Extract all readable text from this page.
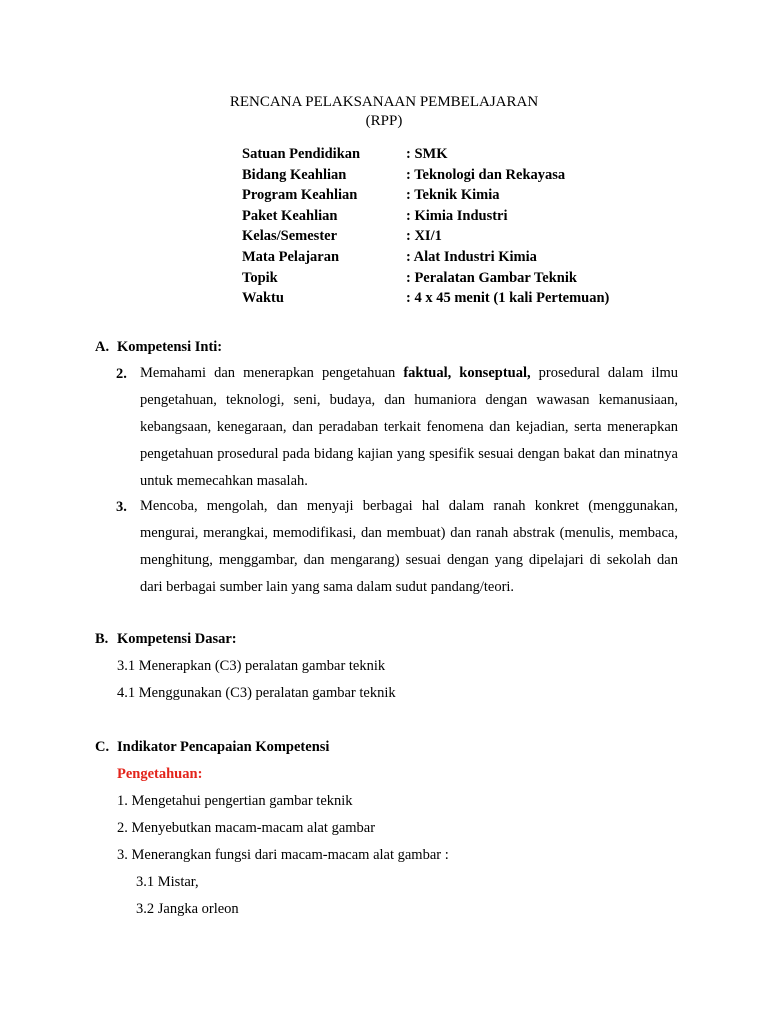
RENCANA PELAKSANAAN PEMBELAJARAN
(RPP)
Satuan Pendidikan	: SMK
Bidang Keahlian	: Teknologi dan Rekayasa
Program Keahlian	: Teknik Kimia
Paket Keahlian	: Kimia Industri
Kelas/Semester	: XI/1
Mata Pelajaran	: Alat Industri Kimia
Topik	: Peralatan Gambar Teknik
Waktu	: 4 x 45 menit (1 kali Pertemuan)
A. Kompetensi Inti:
2. Memahami dan menerapkan pengetahuan faktual, konseptual, prosedural dalam ilmu pengetahuan, teknologi, seni, budaya, dan humaniora dengan wawasan kemanusiaan, kebangsaan, kenegaraan, dan peradaban terkait fenomena dan kejadian, serta menerapkan pengetahuan prosedural pada bidang kajian yang spesifik sesuai dengan bakat dan minatnya untuk memecahkan masalah.
3. Mencoba, mengolah, dan menyaji berbagai hal dalam ranah konkret (menggunakan, mengurai, merangkai, memodifikasi, dan membuat) dan ranah abstrak (menulis, membaca, menghitung, menggambar, dan mengarang) sesuai dengan yang dipelajari di sekolah dan dari berbagai sumber lain yang sama dalam sudut pandang/teori.
B. Kompetensi Dasar:
3.1 Menerapkan (C3) peralatan gambar teknik
4.1 Menggunakan (C3) peralatan gambar teknik
C. Indikator Pencapaian Kompetensi
Pengetahuan:
1. Mengetahui pengertian gambar teknik
2. Menyebutkan macam-macam alat gambar
3. Menerangkan fungsi dari macam-macam alat gambar :
3.1 Mistar,
3.2 Jangka orleon
